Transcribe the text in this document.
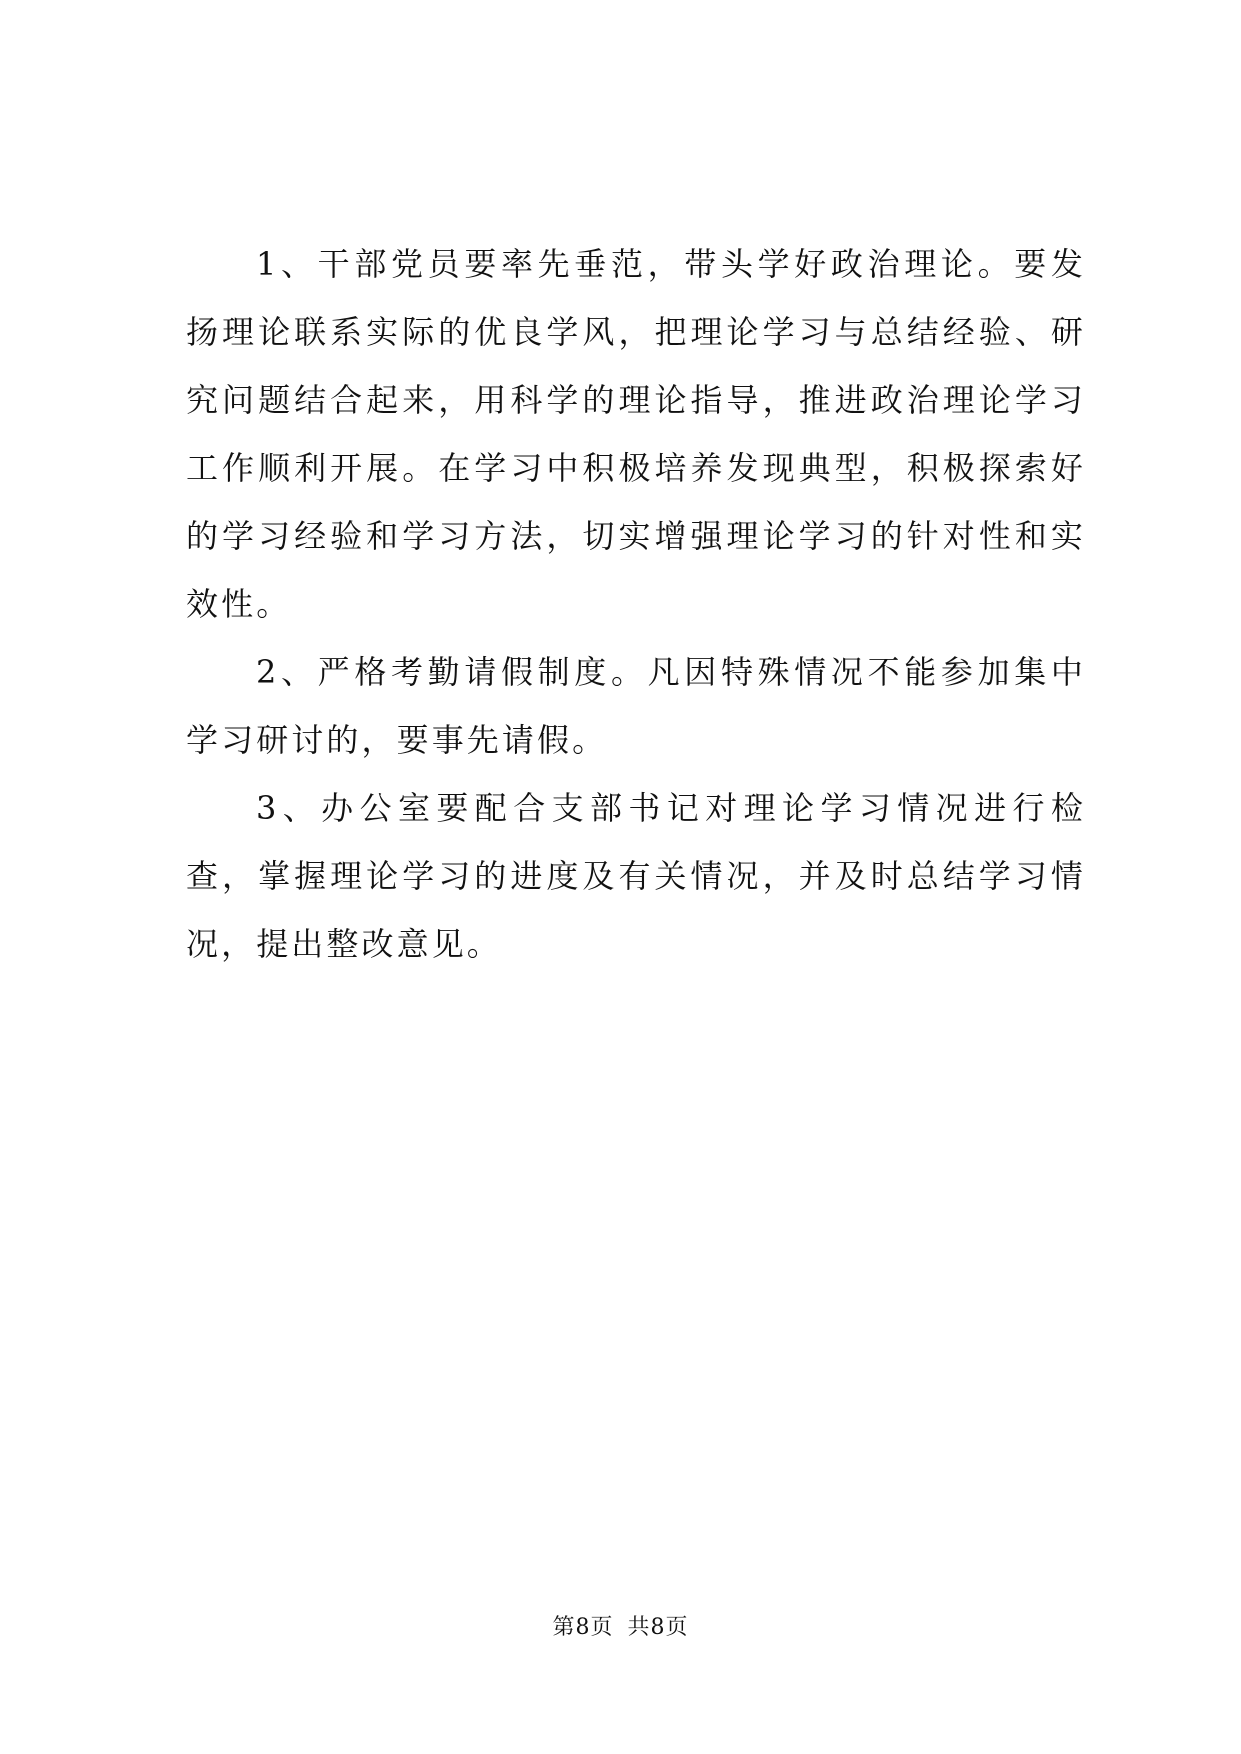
1、干部党员要率先垂范，带头学好政治理论。要发扬理论联系实际的优良学风，把理论学习与总结经验、研究问题结合起来，用科学的理论指导，推进政治理论学习工作顺利开展。在学习中积极培养发现典型，积极探索好的学习经验和学习方法，切实增强理论学习的针对性和实效性。

2、严格考勤请假制度。凡因特殊情况不能参加集中学习研讨的，要事先请假。

3、办公室要配合支部书记对理论学习情况进行检查，掌握理论学习的进度及有关情况，并及时总结学习情况，提出整改意见。

第8页 共8页
